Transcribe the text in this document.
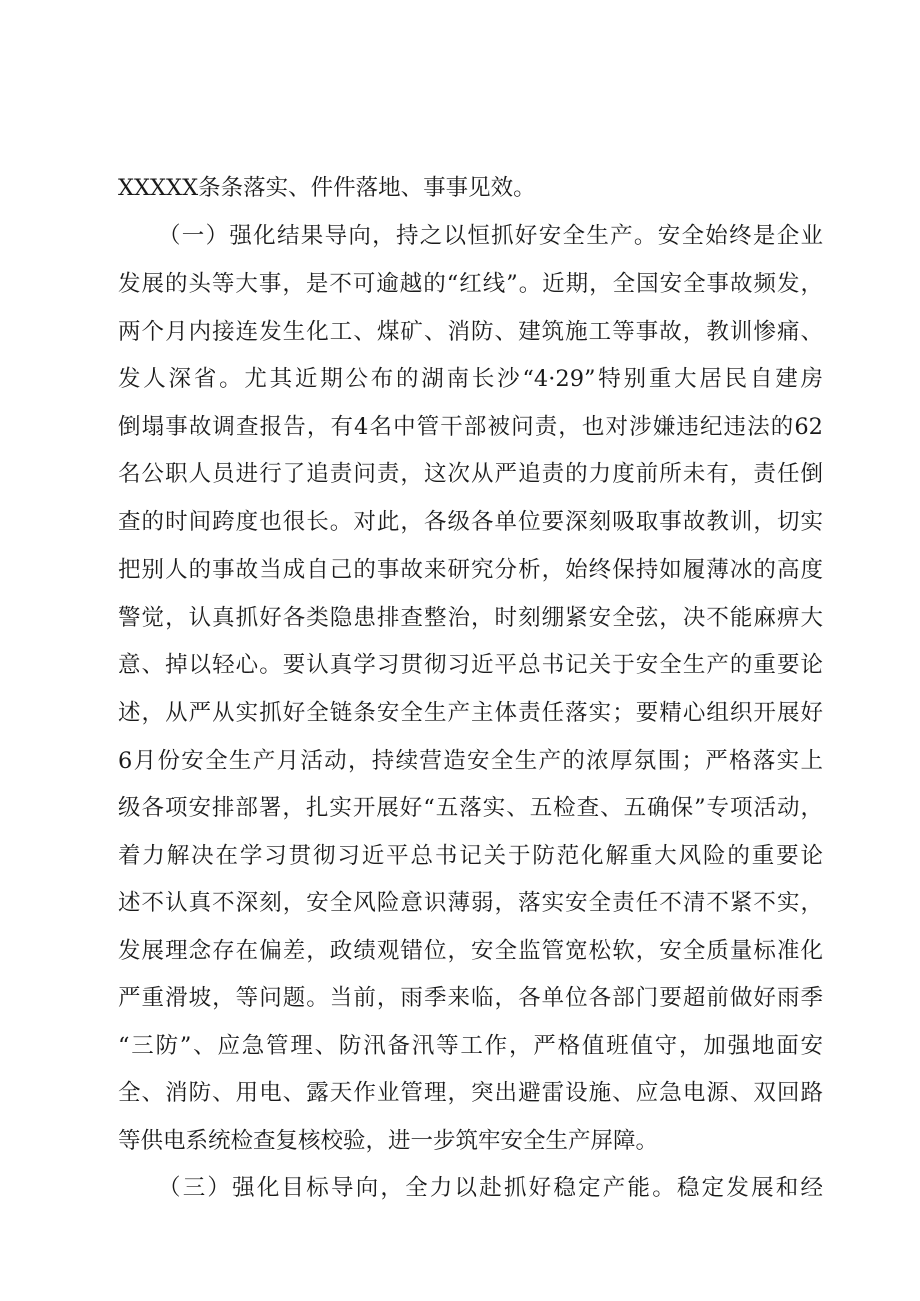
XXXXX条条落实、件件落地、事事见效。
（一）强化结果导向，持之以恒抓好安全生产。安全始终是企业
发展的头等大事，是不可逾越的“红线”。近期，全国安全事故频发，
两个月内接连发生化工、煤矿、消防、建筑施工等事故，教训惨痛、
发人深省。尤其近期公布的湖南长沙“4·29”特别重大居民自建房
倒塌事故调查报告，有4名中管干部被问责，也对涉嫌违纪违法的62
名公职人员进行了追责问责，这次从严追责的力度前所未有，责任倒
查的时间跨度也很长。对此，各级各单位要深刻吸取事故教训，切实
把别人的事故当成自己的事故来研究分析，始终保持如履薄冰的高度
警觉，认真抓好各类隐患排查整治，时刻绷紧安全弦，决不能麻痹大
意、掉以轻心。要认真学习贯彻习近平总书记关于安全生产的重要论
述，从严从实抓好全链条安全生产主体责任落实；要精心组织开展好
6月份安全生产月活动，持续营造安全生产的浓厚氛围；严格落实上
级各项安排部署，扎实开展好“五落实、五检查、五确保”专项活动，
着力解决在学习贯彻习近平总书记关于防范化解重大风险的重要论
述不认真不深刻，安全风险意识薄弱，落实安全责任不清不紧不实，
发展理念存在偏差，政绩观错位，安全监管宽松软，安全质量标准化
严重滑坡，等问题。当前，雨季来临，各单位各部门要超前做好雨季
“三防”、应急管理、防汛备汛等工作，严格值班值守，加强地面安
全、消防、用电、露天作业管理，突出避雷设施、应急电源、双回路
等供电系统检查复核校验，进一步筑牢安全生产屏障。
（三）强化目标导向，全力以赴抓好稳定产能。稳定发展和经
